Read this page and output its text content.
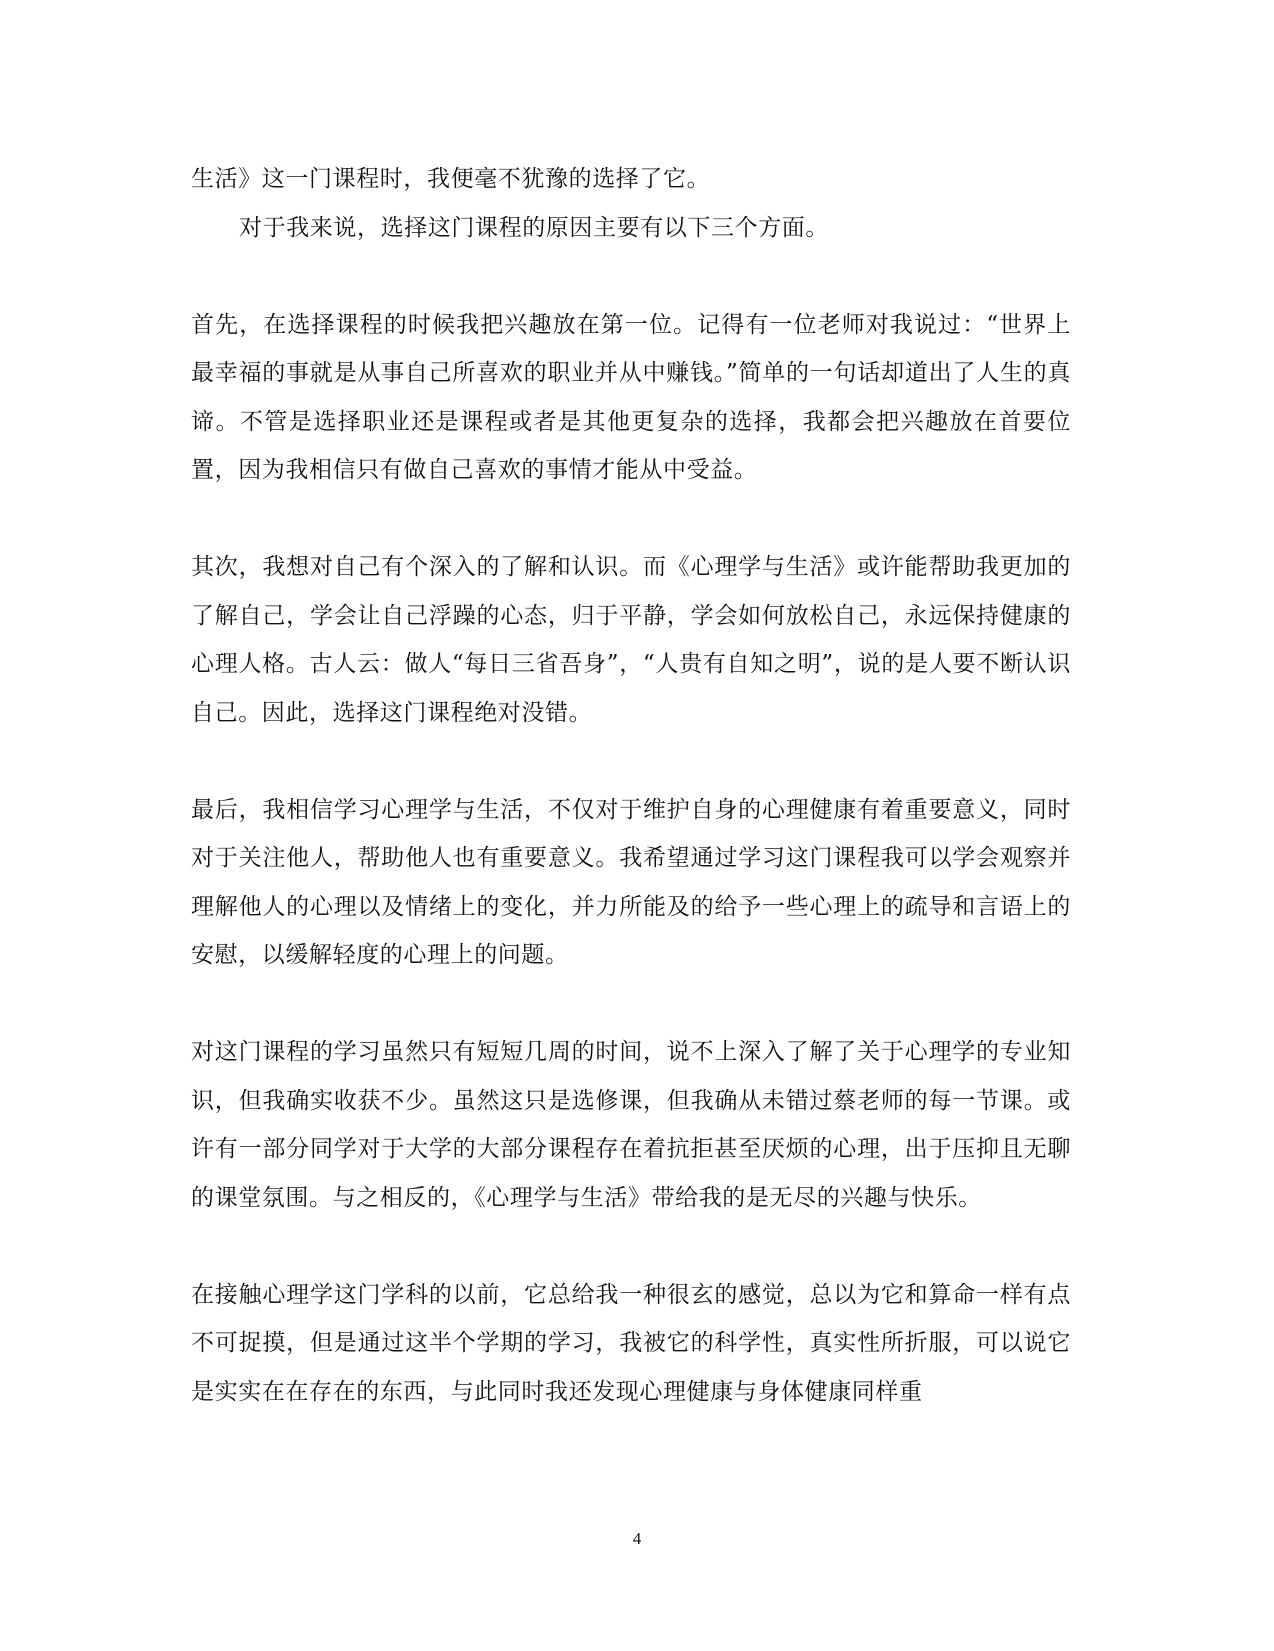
生活》这一门课程时，我便毫不犹豫的选择了它。

对于我来说，选择这门课程的原因主要有以下三个方面。

首先，在选择课程的时候我把兴趣放在第一位。记得有一位老师对我说过：“世界上最幸福的事就是从事自己所喜欢的职业并从中赚钱。”简单的一句话却道出了人生的真谛。不管是选择职业还是课程或者是其他更复杂的选择，我都会把兴趣放在首要位置，因为我相信只有做自己喜欢的事情才能从中受益。

其次，我想对自己有个深入的了解和认识。而《心理学与生活》或许能帮助我更加的了解自己，学会让自己浮躁的心态，归于平静，学会如何放松自己，永远保持健康的心理人格。古人云：做人“每日三省吾身”，“人贵有自知之明”，说的是人要不断认识自己。因此，选择这门课程绝对没错。

最后，我相信学习心理学与生活，不仅对于维护自身的心理健康有着重要意义，同时对于关注他人，帮助他人也有重要意义。我希望通过学习这门课程我可以学会观察并理解他人的心理以及情绪上的变化，并力所能及的给予一些心理上的疏导和言语上的安慰，以缓解轻度的心理上的问题。

对这门课程的学习虽然只有短短几周的时间，说不上深入了解了关于心理学的专业知识，但我确实收获不少。虽然这只是选修课，但我确从未错过蔡老师的每一节课。或许有一部分同学对于大学的大部分课程存在着抗拒甚至厌烦的心理，出于压抑且无聊的课堂氛围。与之相反的，《心理学与生活》带给我的是无尽的兴趣与快乐。

在接触心理学这门学科的以前，它总给我一种很玄的感觉，总以为它和算命一样有点不可捉摸，但是通过这半个学期的学习，我被它的科学性，真实性所折服，可以说它是实实在在存在的东西，与此同时我还发现心理健康与身体健康同样重

4
